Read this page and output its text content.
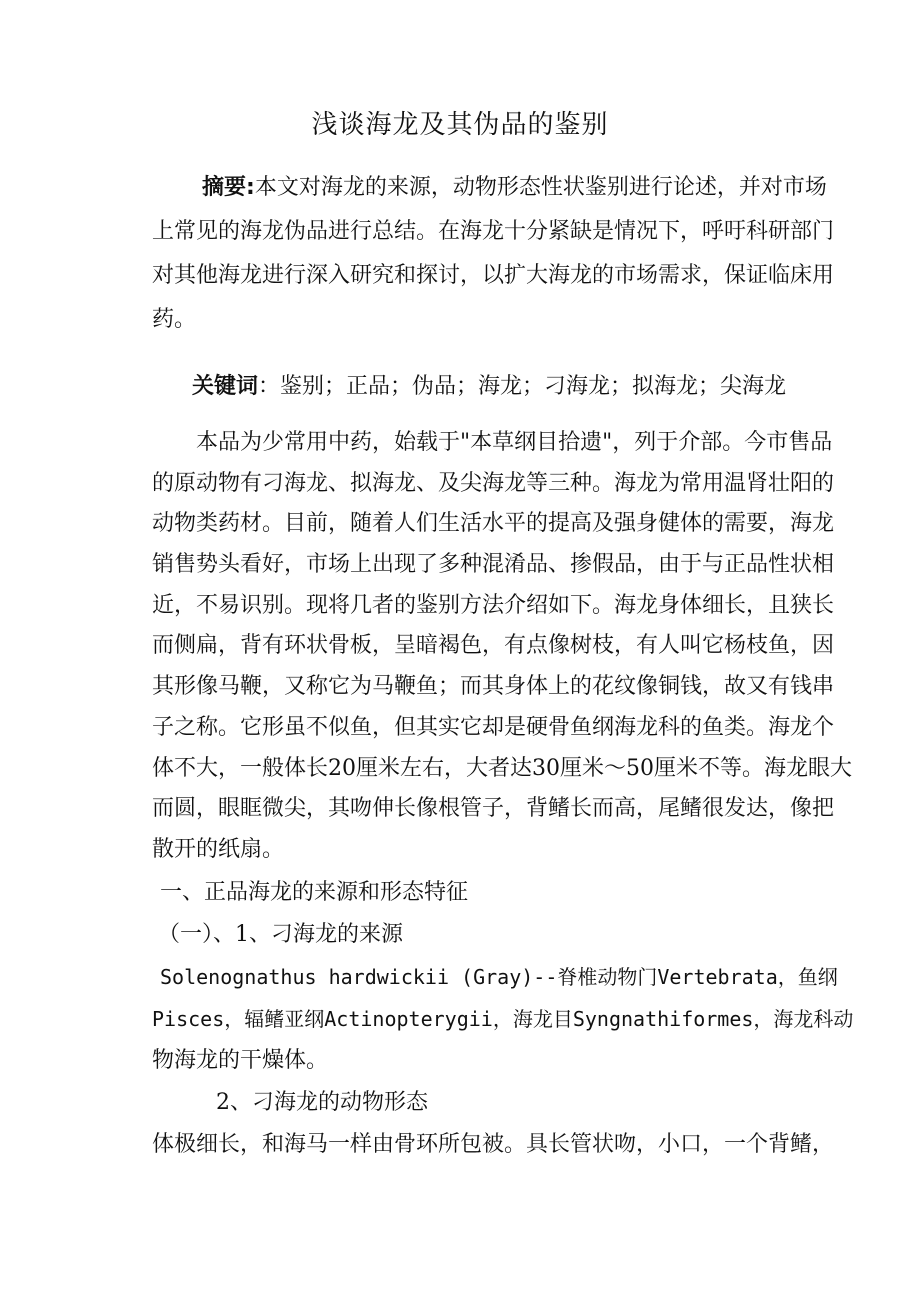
浅谈海龙及其伪品的鉴别
摘要:本文对海龙的来源，动物形态性状鉴别进行论述，并对市场
上常见的海龙伪品进行总结。在海龙十分紧缺是情况下，呼吁科研部门
对其他海龙进行深入研究和探讨，以扩大海龙的市场需求，保证临床用
药。
关键词：鉴别；正品；伪品；海龙；刁海龙；拟海龙；尖海龙
本品为少常用中药，始载于"本草纲目拾遗"，列于介部。今市售品
的原动物有刁海龙、拟海龙、及尖海龙等三种。海龙为常用温肾壮阳的
动物类药材。目前，随着人们生活水平的提高及强身健体的需要，海龙
销售势头看好，市场上出现了多种混淆品、掺假品，由于与正品性状相
近，不易识别。现将几者的鉴别方法介绍如下。海龙身体细长，且狭长
而侧扁，背有环状骨板，呈暗褐色，有点像树枝，有人叫它杨枝鱼，因
其形像马鞭，又称它为马鞭鱼；而其身体上的花纹像铜钱，故又有钱串
子之称。它形虽不似鱼，但其实它却是硬骨鱼纲海龙科的鱼类。海龙个
体不大，一般体长20厘米左右，大者达30厘米～50厘米不等。海龙眼大
而圆，眼眶微尖，其吻伸长像根管子，背鳍长而高，尾鳍很发达，像把
散开的纸扇。
一、正品海龙的来源和形态特征
（一）、1、刁海龙的来源
Solenognathus hardwickii (Gray)--脊椎动物门Vertebrata，鱼纲
Pisces，辐鳍亚纲Actinopterygii，海龙目Syngnathiformes，海龙科动
物海龙的干燥体。
2、刁海龙的动物形态
体极细长，和海马一样由骨环所包被。具长管状吻，小口，一个背鳍，
